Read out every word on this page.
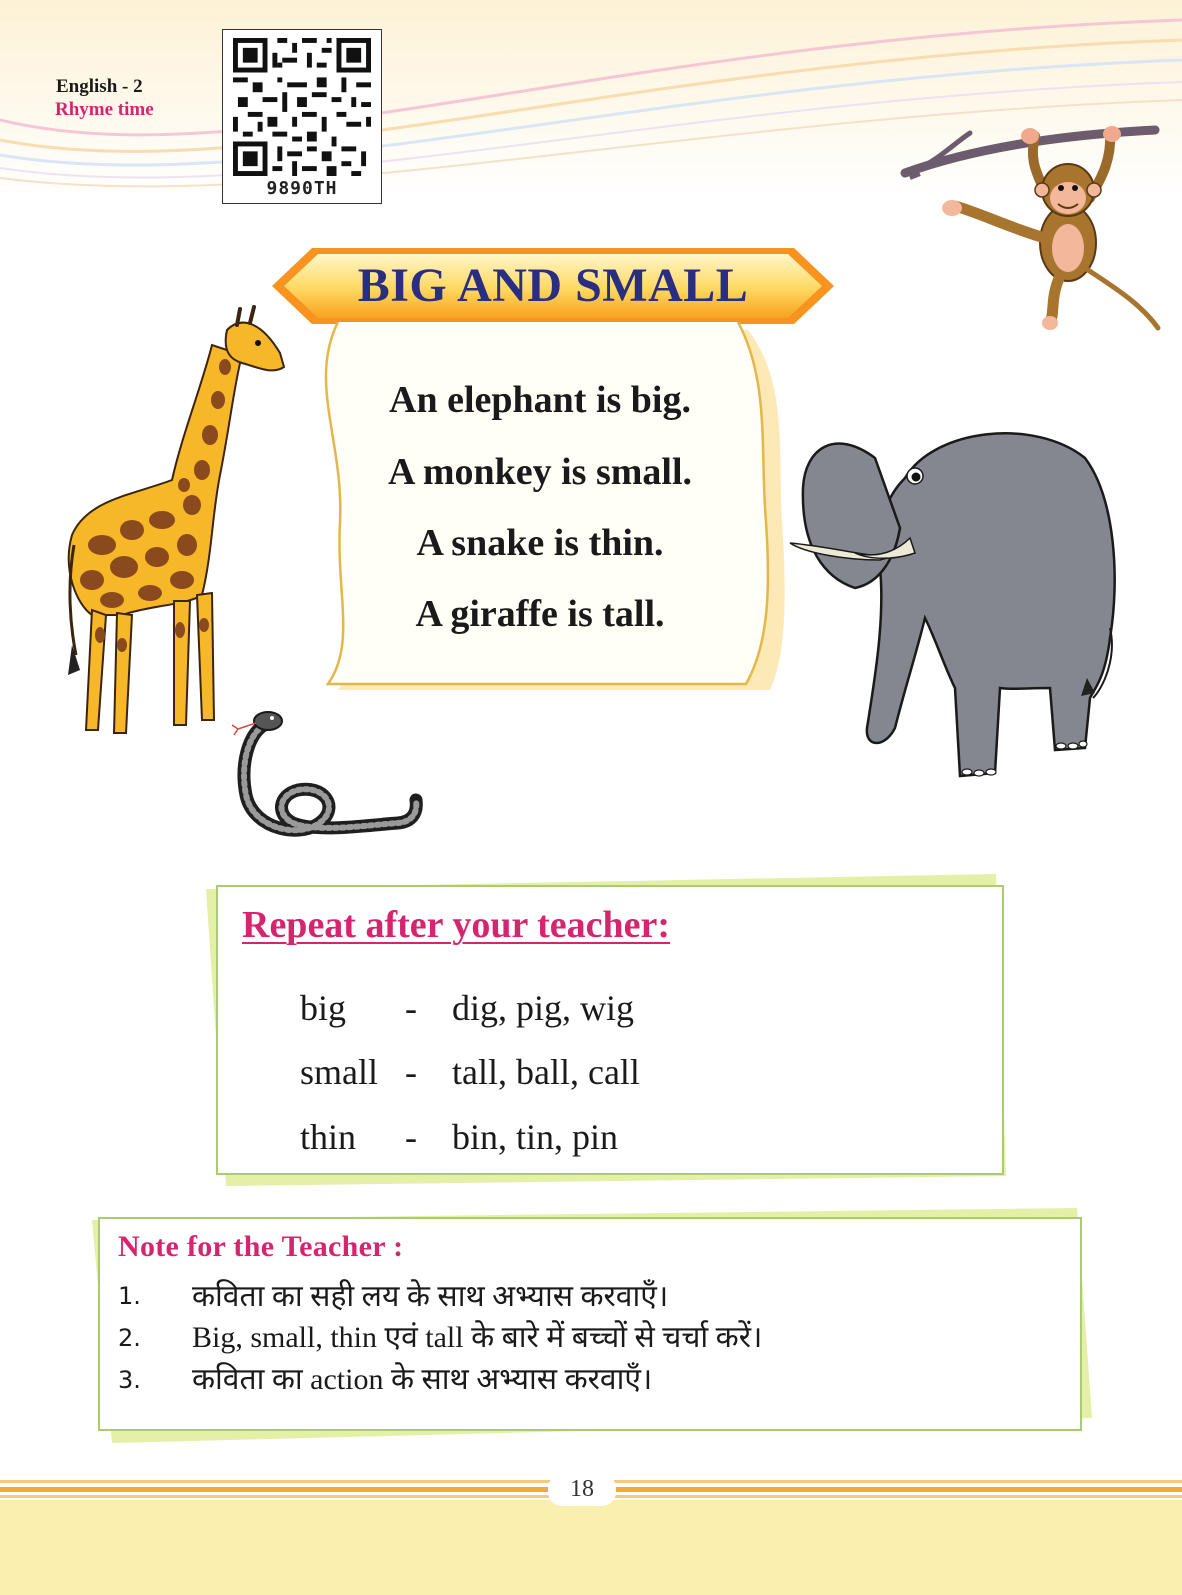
English - 2
Rhyme time
9890TH
BIG AND SMALL
An elephant is big.
A monkey is small.
A snake is thin.
A giraffe is tall.
Repeat after your teacher:
big - dig, pig, wig
small - tall, ball, call
thin - bin, tin, pin
Note for the Teacher :
1. कविता का सही लय के साथ अभ्यास करवाएँ।
2. Big, small, thin एवं tall के बारे में बच्चों से चर्चा करें।
3. कविता का action के साथ अभ्यास करवाएँ।
18
